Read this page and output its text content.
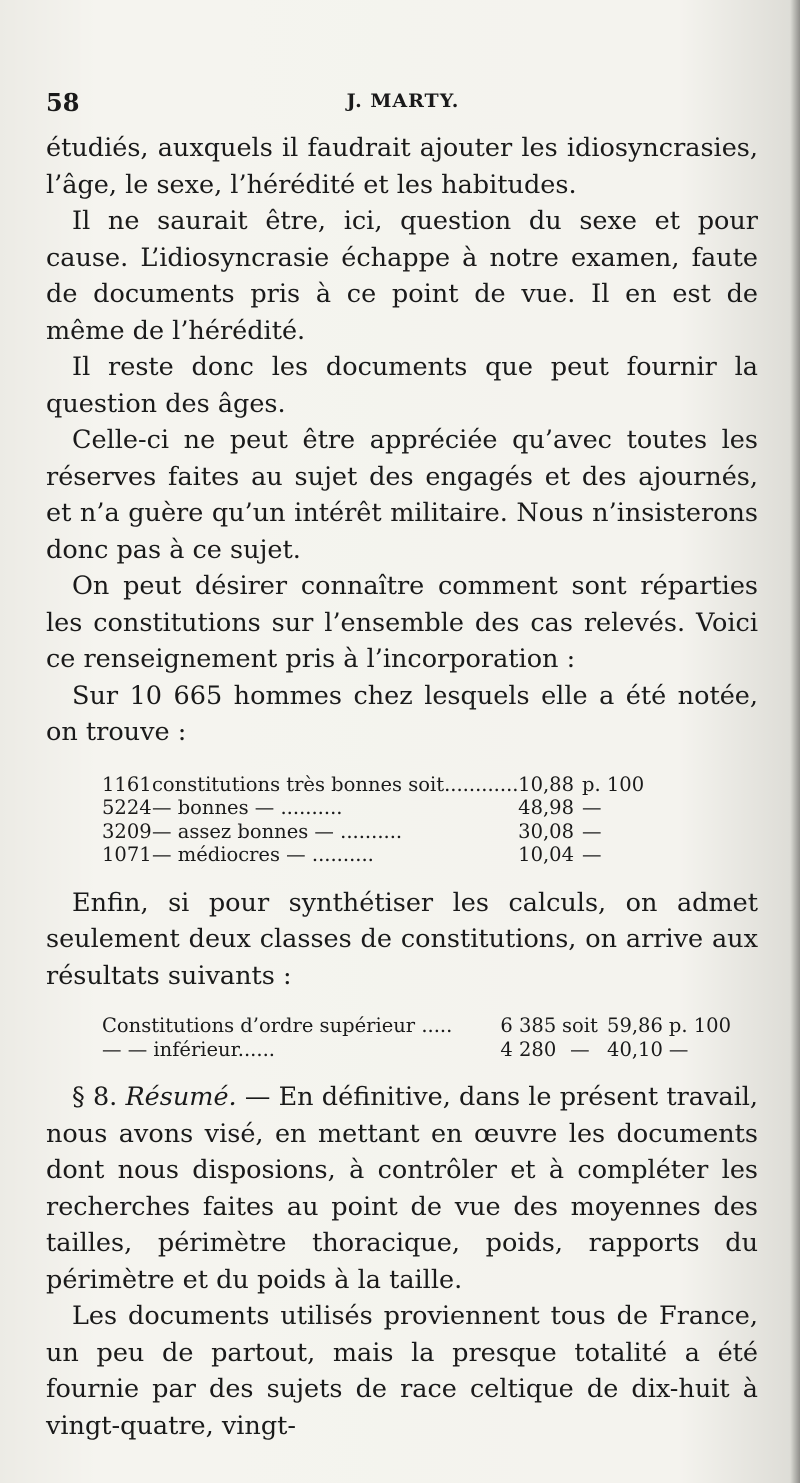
58	J. MARTY.

étudiés, auxquels il faudrait ajouter les idiosyncrasies, l’âge, le sexe, l’hérédité et les habitudes.

Il ne saurait être, ici, question du sexe et pour cause. L’idiosyncrasie échappe à notre examen, faute de documents pris à ce point de vue. Il en est de même de l’hérédité.

Il reste donc les documents que peut fournir la question des âges.

Celle-ci ne peut être appréciée qu’avec toutes les réserves faites au sujet des engagés et des ajournés, et n’a guère qu’un intérêt militaire. Nous n’insisterons donc pas à ce sujet.

On peut désirer connaître comment sont réparties les constitutions sur l’ensemble des cas relevés. Voici ce renseignement pris à l’incorporation :

Sur 10 665 hommes chez lesquels elle a été notée, on trouve :

1161 constitutions très bonnes soit............ 10,88 p. 100
5224 — bonnes — ..........	48,98 —
3209 — assez bonnes — ..........	30,08 —
1071 — médiocres — ..........	10,04 —

Enfin, si pour synthétiser les calculs, on admet seulement deux classes de constitutions, on arrive aux résultats suivants :

Constitutions d’ordre supérieur .....	6 385 soit 59,86 p. 100
— — inférieur......	4 280 — 40,10 —

§ 8. Résumé. — En définitive, dans le présent travail, nous avons visé, en mettant en œuvre les documents dont nous disposions, à contrôler et à compléter les recherches faites au point de vue des moyennes des tailles, périmètre thoracique, poids, rapports du périmètre et du poids à la taille.

Les documents utilisés proviennent tous de France, un peu de partout, mais la presque totalité a été fournie par des sujets de race celtique de dix-huit à vingt-quatre, vingt-
